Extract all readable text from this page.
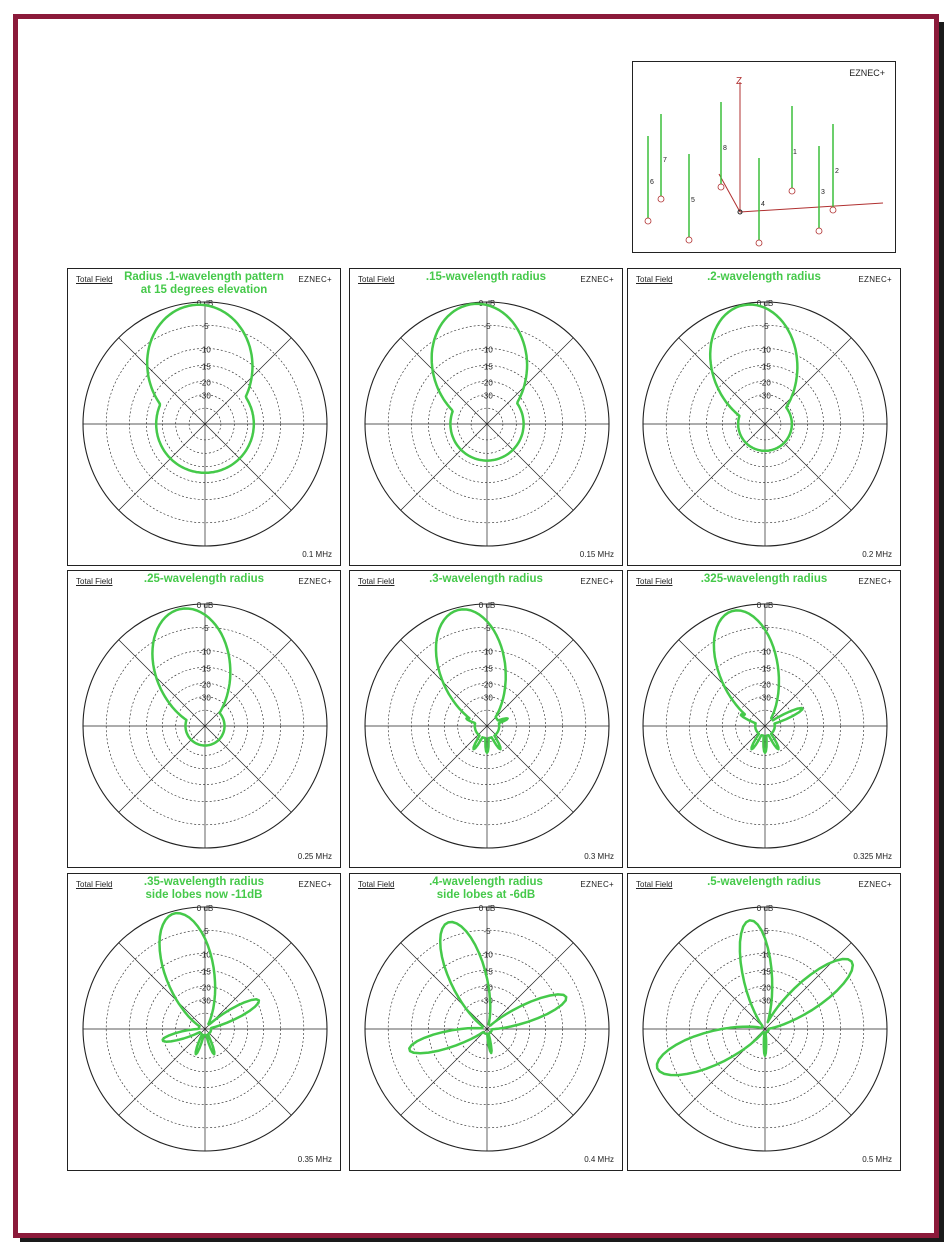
EZNEC+
Z
1
2
3
4
5
6
7
8
0 dB
-5
-10
-15
-20
-30
Total Field	EZNEC+
0.1 MHz
Radius .1-wavelength pattern
at 15 degrees elevation
0 dB
-5
-10
-15
-20
-30
Total Field	EZNEC+
0.15 MHz
.15-wavelength radius

0 dB
-5
-10
-15
-20
-30
Total Field	EZNEC+
0.2 MHz
.2-wavelength radius

0 dB
-5
-10
-15
-20
-30
Total Field	EZNEC+
0.25 MHz
.25-wavelength radius

0 dB
-5
-10
-15
-20
-30
Total Field	EZNEC+
0.3 MHz
.3-wavelength radius

0 dB
-5
-10
-15
-20
-30
Total Field	EZNEC+
0.325 MHz
.325-wavelength radius

0 dB
-5
-10
-15
-20
-30
Total Field	EZNEC+
0.35 MHz
.35-wavelength radius
side lobes now -11dB
0 dB
-5
-10
-15
-20
-30
Total Field	EZNEC+
0.4 MHz
.4-wavelength radius
side lobes at -6dB
0 dB
-5
-10
-15
-20
-30
Total Field	EZNEC+
0.5 MHz
.5-wavelength radius
